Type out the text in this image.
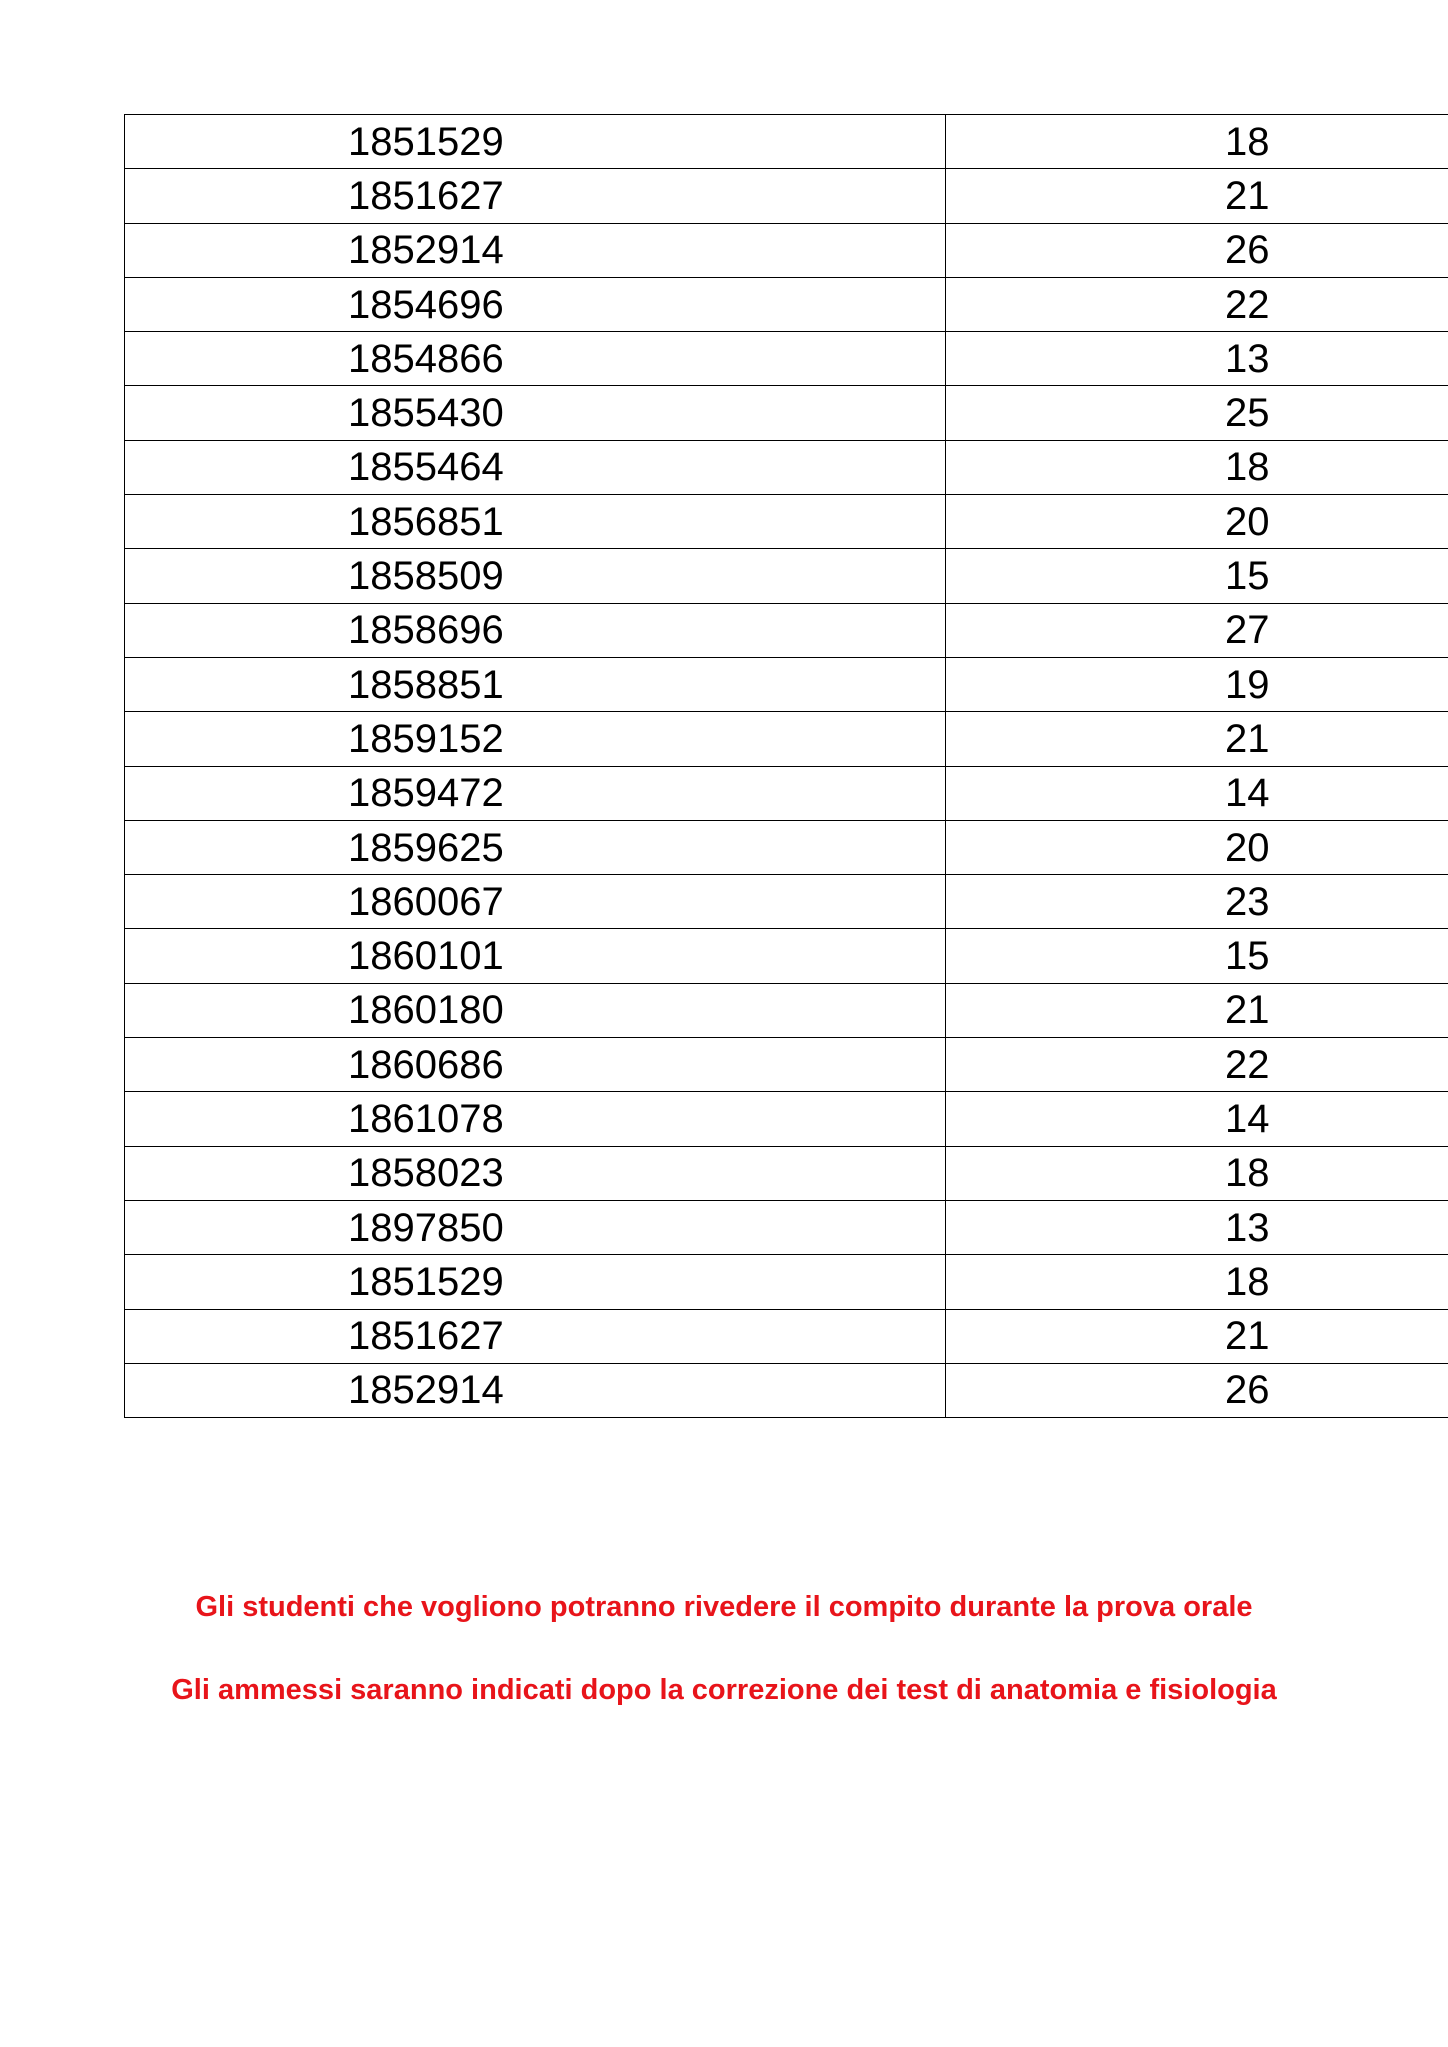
1851529	18
1851627	21
1852914	26
1854696	22
1854866	13
1855430	25
1855464	18
1856851	20
1858509	15
1858696	27
1858851	19
1859152	21
1859472	14
1859625	20
1860067	23
1860101	15
1860180	21
1860686	22
1861078	14
1858023	18
1897850	13
1851529	18
1851627	21
1852914	26
Gli studenti che vogliono potranno rivedere il compito durante la prova orale
Gli ammessi saranno indicati dopo la correzione dei test di anatomia e fisiologia
